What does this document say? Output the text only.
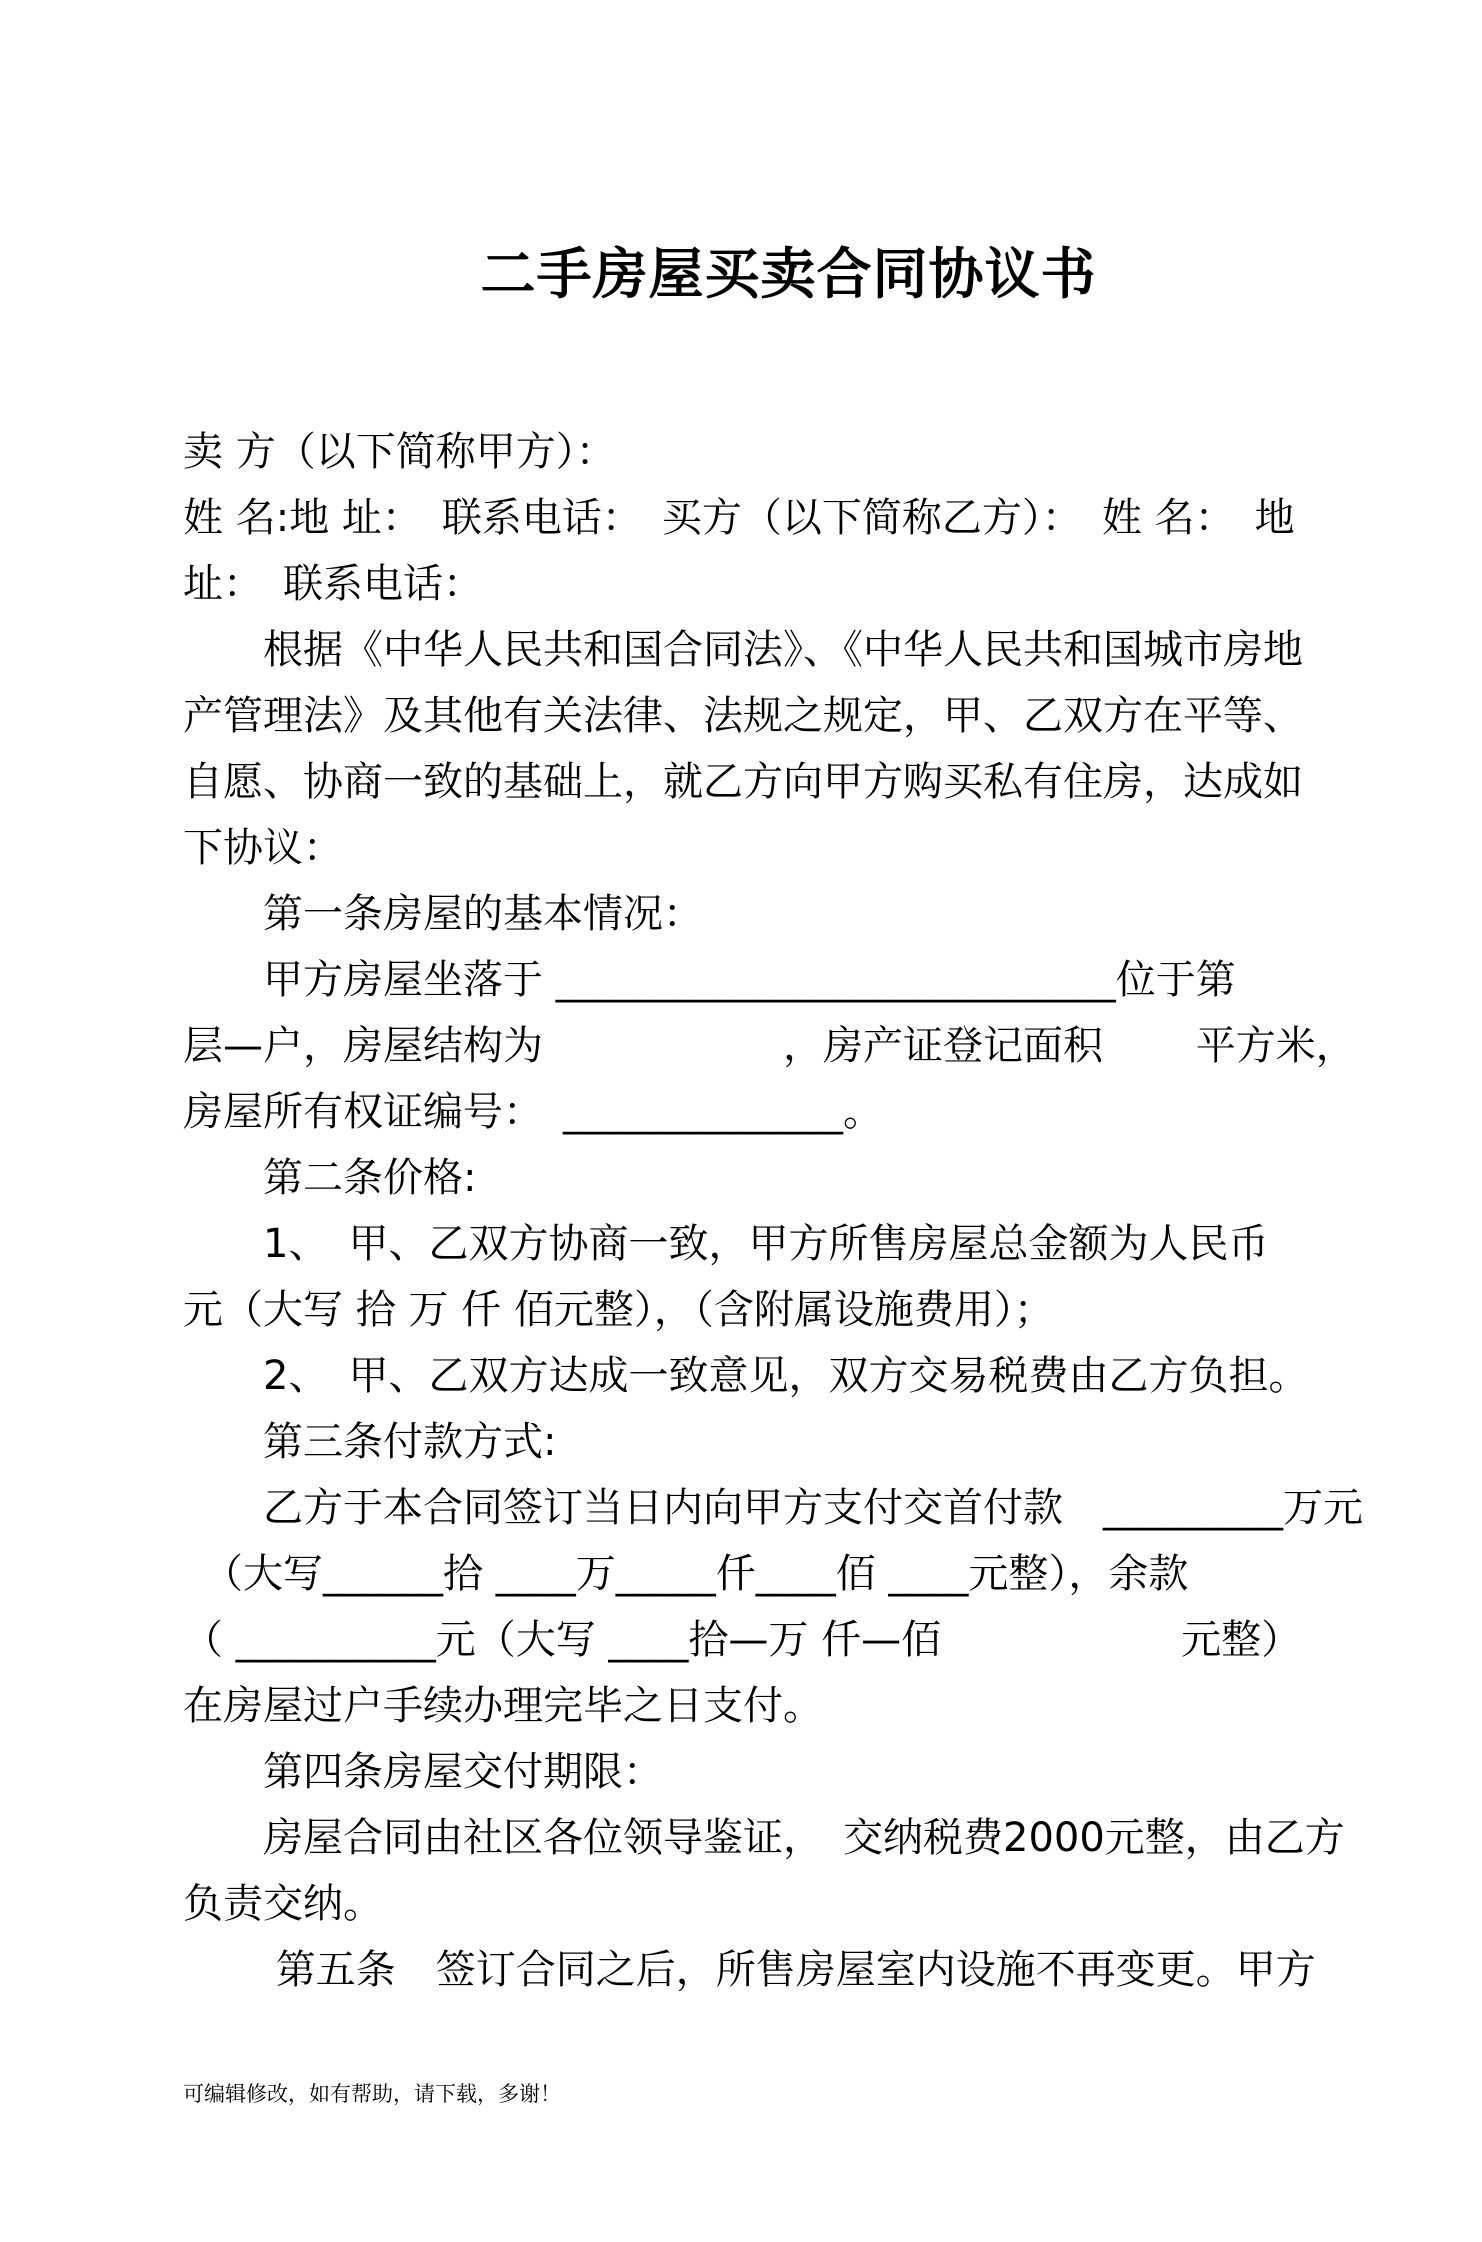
二手房屋买卖合同协议书
卖 方（以下简称甲方）：
姓 名:地 址：　联系电话：　买方（以下简称乙方）：　姓 名：　地
址：　联系电话：
　　根据《中华人民共和国合同法》、《中华人民共和国城市房地
产管理法》及其他有关法律、法规之规定，甲、乙双方在平等、
自愿、协商一致的基础上，就乙方向甲方购买私有住房，达成如
下协议：
　　第一条房屋的基本情况：
　　甲方房屋坐落于 ____________________________位于第
层—户，房屋结构为　　　　　　，房产证登记面积　　 平方米，
房屋所有权证编号：　______________。
　　第二条价格:
　　1、　甲、乙双方协商一致，甲方所售房屋总金额为人民币
元（大写 拾 万 仟 佰元整），（含附属设施费用）；
　　2、　甲、乙双方达成一致意见，双方交易税费由乙方负担。
　　第三条付款方式:
　　乙方于本合同签订当日内向甲方支付交首付款　_________万元
　（大写______拾 ____万_____仟____佰 ____元整），余款
（ __________元（大写 ____拾—万 仟—佰　　　　　　元整）
在房屋过户手续办理完毕之日支付。
　　第四条房屋交付期限：
　　房屋合同由社区各位领导鉴证，　交纳税费2000元整，由乙方
负责交纳。
　　 第五条　签订合同之后，所售房屋室内设施不再变更。甲方
可编辑修改，如有帮助，请下载，多谢！
